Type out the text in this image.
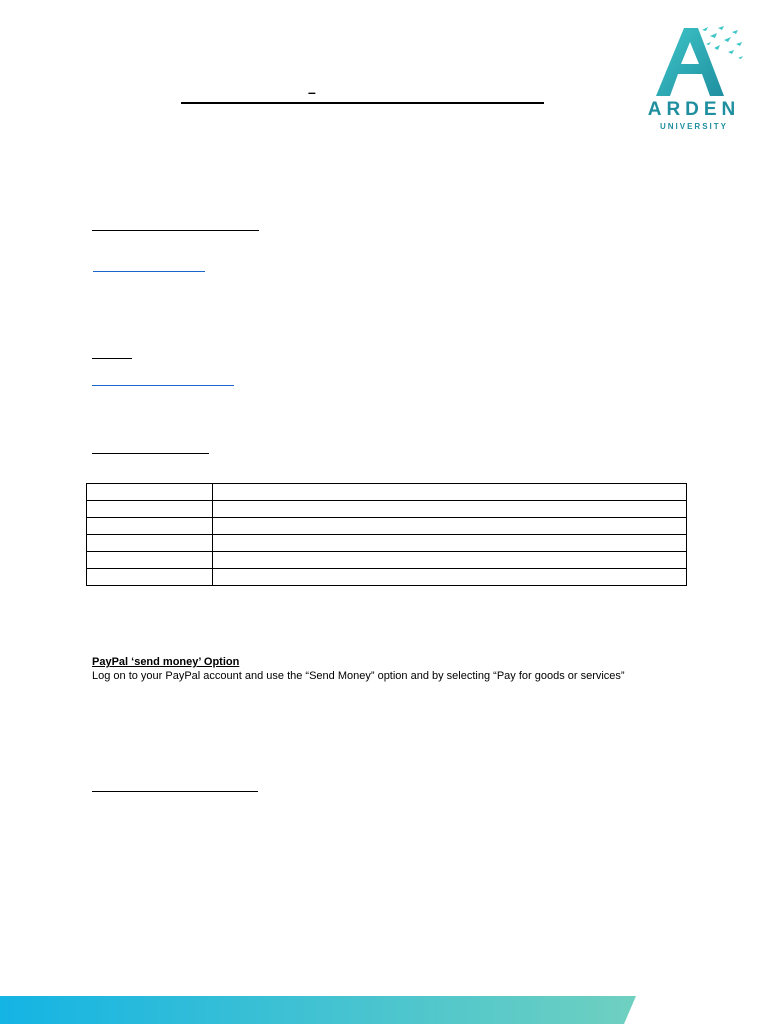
–
ARDEN
UNIVERSITY

PayPal ‘send money’ Option
Log on to your PayPal account and use the “Send Money” option and by selecting “Pay for goods or services”
